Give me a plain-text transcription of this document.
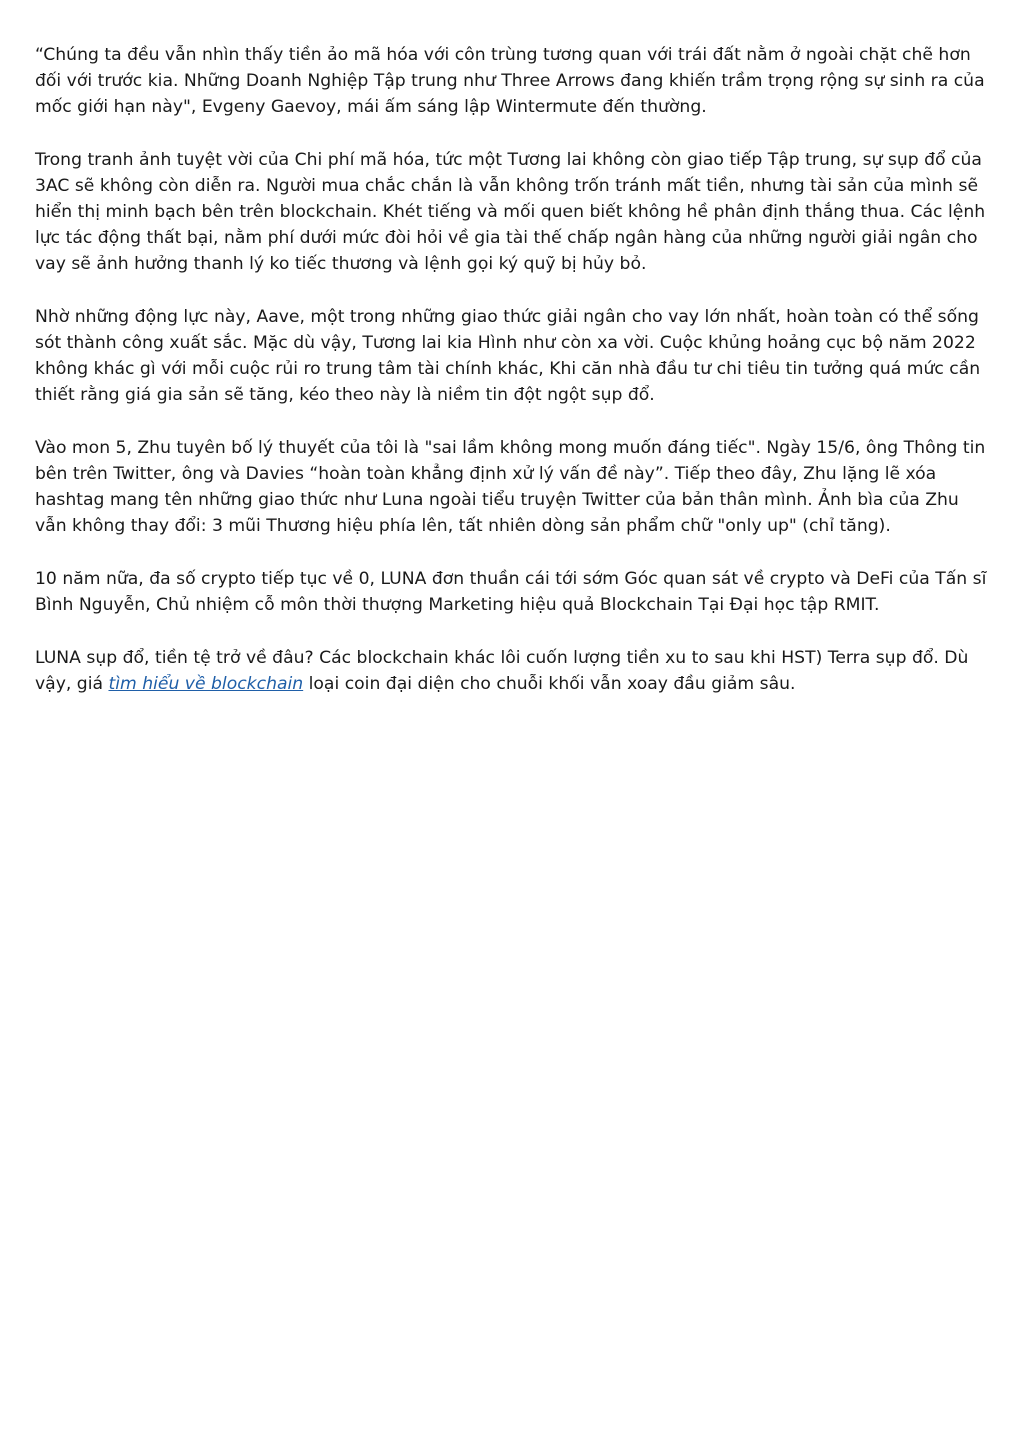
“Chúng ta đều vẫn nhìn thấy tiền ảo mã hóa với côn trùng tương quan với trái đất nằm ở ngoài chặt chẽ hơn đối với trước kia. Những Doanh Nghiệp Tập trung như Three Arrows đang khiến trầm trọng rộng sự sinh ra của mốc giới hạn này", Evgeny Gaevoy, mái ấm sáng lập Wintermute đến thường.

Trong tranh ảnh tuyệt vời của Chi phí mã hóa, tức một Tương lai không còn giao tiếp Tập trung, sự sụp đổ của 3AC sẽ không còn diễn ra. Người mua chắc chắn là vẫn không trốn tránh mất tiền, nhưng tài sản của mình sẽ hiển thị minh bạch bên trên blockchain. Khét tiếng và mối quen biết không hề phân định thắng thua. Các lệnh lực tác động thất bại, nằm phí dưới mức đòi hỏi về gia tài thế chấp ngân hàng của những người giải ngân cho vay sẽ ảnh hưởng thanh lý ko tiếc thương và lệnh gọi ký quỹ bị hủy bỏ.

Nhờ những động lực này, Aave, một trong những giao thức giải ngân cho vay lớn nhất, hoàn toàn có thể sống sót thành công xuất sắc. Mặc dù vậy, Tương lai kia Hình như còn xa vời. Cuộc khủng hoảng cục bộ năm 2022 không khác gì với mỗi cuộc rủi ro trung tâm tài chính khác, Khi căn nhà đầu tư chi tiêu tin tưởng quá mức cần thiết rằng giá gia sản sẽ tăng, kéo theo này là niềm tin đột ngột sụp đổ.

Vào mon 5, Zhu tuyên bố lý thuyết của tôi là "sai lầm không mong muốn đáng tiếc". Ngày 15/6, ông Thông tin bên trên Twitter, ông và Davies “hoàn toàn khẳng định xử lý vấn đề này”. Tiếp theo đây, Zhu lặng lẽ xóa hashtag mang tên những giao thức như Luna ngoài tiểu truyện Twitter của bản thân mình. Ảnh bìa của Zhu vẫn không thay đổi: 3 mũi Thương hiệu phía lên, tất nhiên dòng sản phẩm chữ "only up" (chỉ tăng).

10 năm nữa, đa số crypto tiếp tục về 0, LUNA đơn thuần cái tới sớm Góc quan sát về crypto và DeFi của Tấn sĩ Bình Nguyễn, Chủ nhiệm cỗ môn thời thượng Marketing hiệu quả Blockchain Tại Đại học tập RMIT.

LUNA sụp đổ, tiền tệ trở về đâu? Các blockchain khác lôi cuốn lượng tiền xu to sau khi HST) Terra sụp đổ. Dù vậy, giá tìm hiểu về blockchain loại coin đại diện cho chuỗi khối vẫn xoay đầu giảm sâu.
